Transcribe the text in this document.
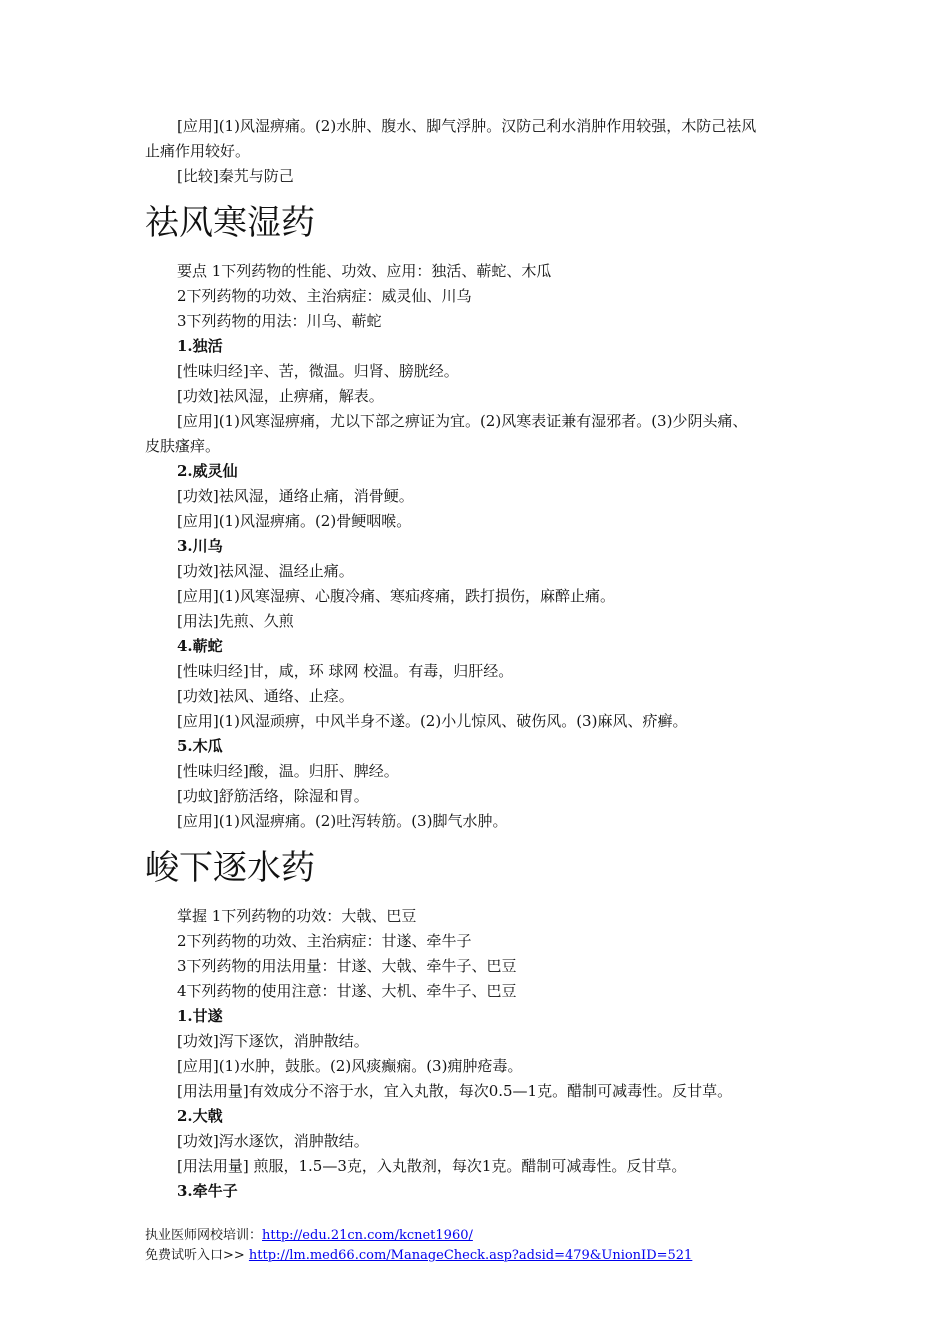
[应用](1)风湿痹痛。(2)水肿、腹水、脚气浮肿。汉防己利水消肿作用较强，木防己祛风
止痛作用较好。
[比较]秦艽与防己
祛风寒湿药
要点 1下列药物的性能、功效、应用：独活、蕲蛇、木瓜
2下列药物的功效、主治病症：威灵仙、川乌
3下列药物的用法：川乌、蕲蛇
1.独活
[性味归经]辛、苦，微温。归肾、膀胱经。
[功效]祛风湿，止痹痛，解表。
[应用](1)风寒湿痹痛，尤以下部之痹证为宜。(2)风寒表证兼有湿邪者。(3)少阴头痛、
皮肤瘙痒。
2.威灵仙
[功效]祛风湿，通络止痛，消骨鲠。
[应用](1)风湿痹痛。(2)骨鲠咽喉。
3.川乌
[功效]祛风湿、温经止痛。
[应用](1)风寒湿痹、心腹冷痛、寒疝疼痛，跌打损伤，麻醉止痛。
[用法]先煎、久煎
4.蕲蛇
[性味归经]甘，咸，环 球网 校温。有毒，归肝经。
[功效]祛风、通络、止痉。
[应用](1)风湿顽痹，中风半身不遂。(2)小儿惊风、破伤风。(3)麻风、疥癣。
5.木瓜
[性味归经]酸，温。归肝、脾经。
[功蚊]舒筋活络，除湿和胃。
[应用](1)风湿痹痛。(2)吐泻转筋。(3)脚气水肿。
峻下逐水药
掌握 1下列药物的功效：大戟、巴豆
2下列药物的功效、主治病症：甘遂、牵牛子
3下列药物的用法用量：甘遂、大戟、牵牛子、巴豆
4下列药物的使用注意：甘遂、大机、牵牛子、巴豆
1.甘遂
[功效]泻下逐饮，消肿散结。
[应用](1)水肿，鼓胀。(2)风痰癫痫。(3)痈肿疮毒。
[用法用量]有效成分不溶于水，宜入丸散，每次0.5—1克。醋制可减毒性。反甘草。
2.大戟
[功效]泻水逐饮，消肿散结。
[用法用量] 煎服，1.5—3克，入丸散剂，每次1克。醋制可减毒性。反甘草。
3.牵牛子
执业医师网校培训：http://edu.21cn.com/kcnet1960/
免费试听入口>> http://lm.med66.com/ManageCheck.asp?adsid=479&UnionID=521
